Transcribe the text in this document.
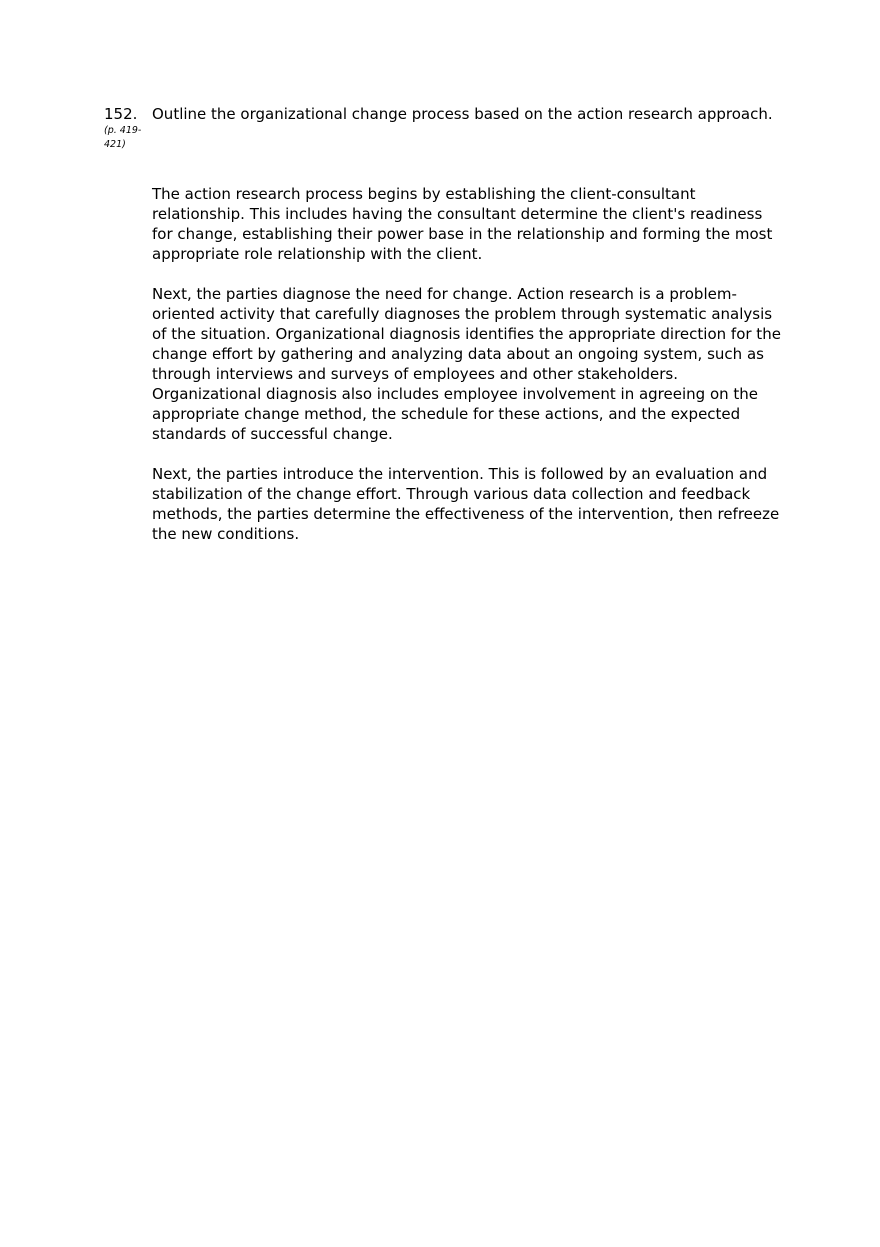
152.
(p. 419-421)
Outline the organizational change process based on the action research approach.

The action research process begins by establishing the client-consultant relationship. This includes having the consultant determine the client's readiness for change, establishing their power base in the relationship and forming the most appropriate role relationship with the client.

Next, the parties diagnose the need for change. Action research is a problem-oriented activity that carefully diagnoses the problem through systematic analysis of the situation. Organizational diagnosis identifies the appropriate direction for the change effort by gathering and analyzing data about an ongoing system, such as through interviews and surveys of employees and other stakeholders. Organizational diagnosis also includes employee involvement in agreeing on the appropriate change method, the schedule for these actions, and the expected standards of successful change.

Next, the parties introduce the intervention. This is followed by an evaluation and stabilization of the change effort. Through various data collection and feedback methods, the parties determine the effectiveness of the intervention, then refreeze the new conditions.
